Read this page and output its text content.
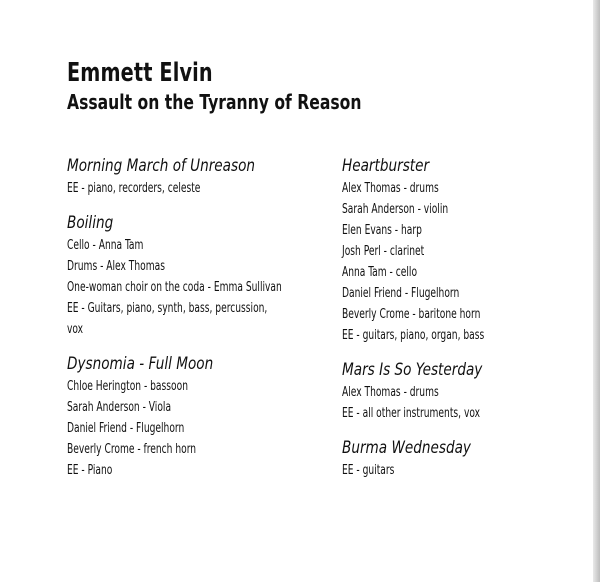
Emmett Elvin
Assault on the Tyranny of Reason
Morning March of Unreason
EE - piano, recorders, celeste
Boiling
Cello - Anna Tam
Drums - Alex Thomas
One-woman choir on the coda - Emma Sullivan
EE - Guitars, piano, synth, bass, percussion,
vox
Dysnomia - Full Moon
Chloe Herington - bassoon
Sarah Anderson - Viola
Daniel Friend - Flugelhorn
Beverly Crome - french horn
EE - Piano
Heartburster
Alex Thomas - drums
Sarah Anderson - violin
Elen Evans - harp
Josh Perl - clarinet
Anna Tam - cello
Daniel Friend - Flugelhorn
Beverly Crome - baritone horn
EE - guitars, piano, organ, bass
Mars Is So Yesterday
Alex Thomas - drums
EE - all other instruments, vox
Burma Wednesday
EE - guitars
